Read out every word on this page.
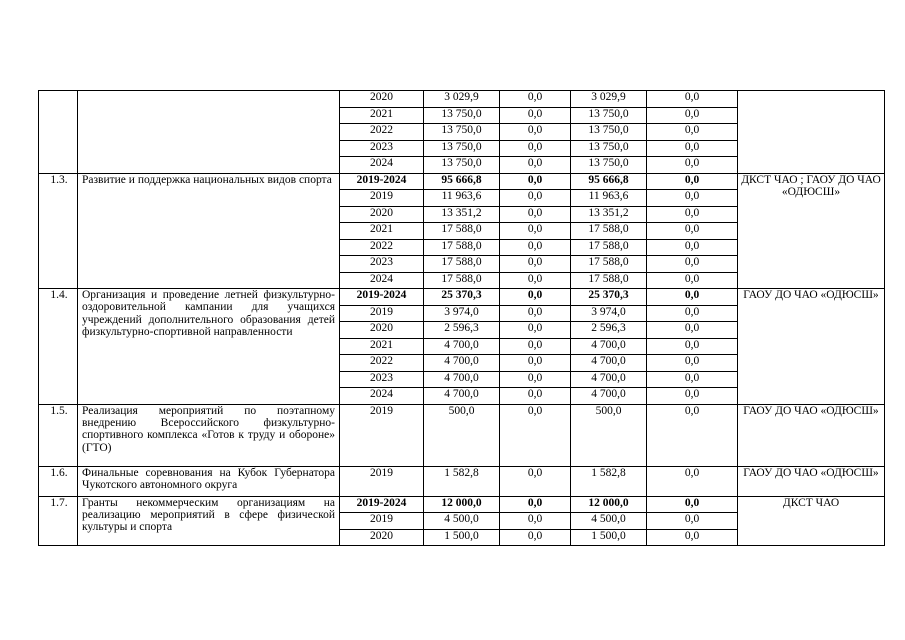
		2020	3 029,9	0,0	3 029,9	0,0	
		2021	13 750,0	0,0	13 750,0	0,0	
		2022	13 750,0	0,0	13 750,0	0,0	
		2023	13 750,0	0,0	13 750,0	0,0	
		2024	13 750,0	0,0	13 750,0	0,0	
1.3.	Развитие и поддержка национальных видов спорта	2019-2024	95 666,8	0,0	95 666,8	0,0	ДКСТ ЧАО ; ГАОУ ДО ЧАО «ОДЮСШ»
		2019	11 963,6	0,0	11 963,6	0,0	
		2020	13 351,2	0,0	13 351,2	0,0	
		2021	17 588,0	0,0	17 588,0	0,0	
		2022	17 588,0	0,0	17 588,0	0,0	
		2023	17 588,0	0,0	17 588,0	0,0	
		2024	17 588,0	0,0	17 588,0	0,0	
1.4.	Организация и проведение летней физкультурно-оздоровительной кампании для учащихся учреждений дополнительного образования детей физкультурно-спортивной направленности	2019-2024	25 370,3	0,0	25 370,3	0,0	ГАОУ ДО ЧАО «ОДЮСШ»
		2019	3 974,0	0,0	3 974,0	0,0	
		2020	2 596,3	0,0	2 596,3	0,0	
		2021	4 700,0	0,0	4 700,0	0,0	
		2022	4 700,0	0,0	4 700,0	0,0	
		2023	4 700,0	0,0	4 700,0	0,0	
		2024	4 700,0	0,0	4 700,0	0,0	
1.5.	Реализация мероприятий по поэтапному внедрению Всероссийского физкультурно-спортивного комплекса «Готов к труду и обороне» (ГТО)	2019	500,0	0,0	500,0	0,0	ГАОУ ДО ЧАО «ОДЮСШ»
1.6.	Финальные соревнования на Кубок Губернатора Чукотского автономного округа	2019	1 582,8	0,0	1 582,8	0,0	ГАОУ ДО ЧАО «ОДЮСШ»
1.7.	Гранты некоммерческим организациям на реализацию мероприятий в сфере физической культуры и спорта	2019-2024	12 000,0	0,0	12 000,0	0,0	ДКСТ ЧАО
		2019	4 500,0	0,0	4 500,0	0,0	
		2020	1 500,0	0,0	1 500,0	0,0	
